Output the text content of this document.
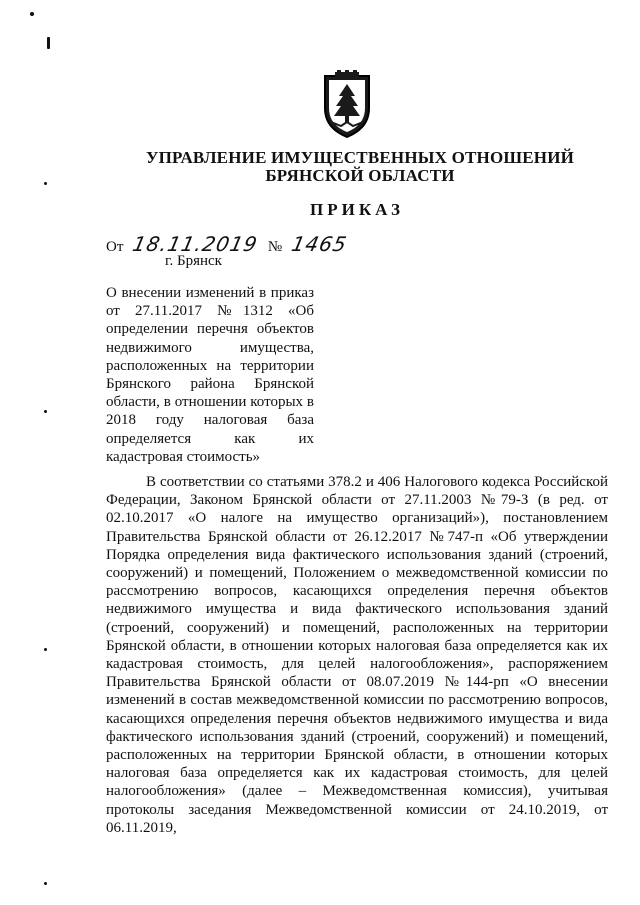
УПРАВЛЕНИЕ ИМУЩЕСТВЕННЫХ ОТНОШЕНИЙ
БРЯНСКОЙ ОБЛАСТИ
ПРИКАЗ
От 18.11.2019 № 1465
г. Брянск
О внесении изменений в приказ от 27.11.2017 №1312 «Об определении перечня объектов недвижимого имущества, расположенных на территории Брянского района Брянской области, в отношении которых в 2018 году налоговая база определяется как их кадастровая стоимость»

В соответствии со статьями 378.2 и 406 Налогового кодекса Российской Федерации, Законом Брянской области от 27.11.2003 №79-З (в ред. от 02.10.2017 «О налоге на имущество организаций»), постановлением Правительства Брянской области от 26.12.2017 №747-п «Об утверждении Порядка определения вида фактического использования зданий (строений, сооружений) и помещений, Положением о межведомственной комиссии по рассмотрению вопросов, касающихся определения перечня объектов недвижимого имущества и вида фактического использования зданий (строений, сооружений) и помещений, расположенных на территории Брянской области, в отношении которых налоговая база определяется как их кадастровая стоимость, для целей налогообложения», распоряжением Правительства Брянской области от 08.07.2019 №144-рп «О внесении изменений в состав межведомственной комиссии по рассмотрению вопросов, касающихся определения перечня объектов недвижимого имущества и вида фактического использования зданий (строений, сооружений) и помещений, расположенных на территории Брянской области, в отношении которых налоговая база определяется как их кадастровая стоимость, для целей налогообложения» (далее – Межведомственная комиссия), учитывая протоколы заседания Межведомственной комиссии от 24.10.2019, от 06.11.2019,
